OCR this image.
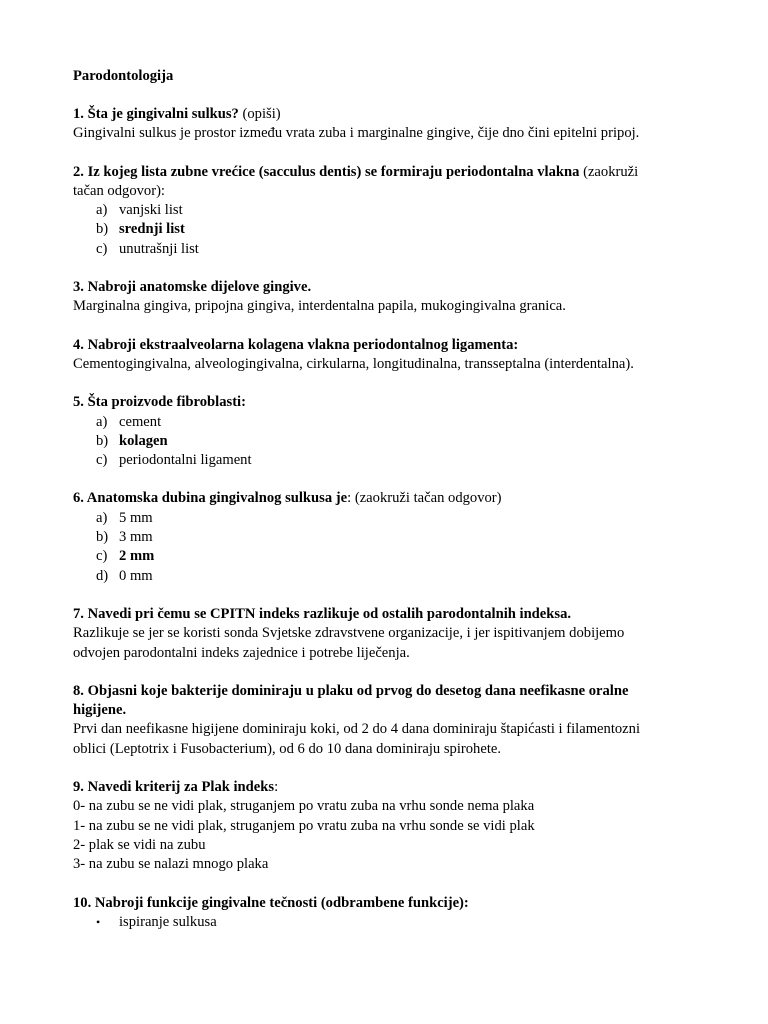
Parodontologija
1. Šta je gingivalni sulkus? (opiši)
Gingivalni sulkus je prostor između vrata zuba i marginalne gingive, čije dno čini epitelni pripoj.
2. Iz kojeg lista zubne vrećice (sacculus dentis) se formiraju periodontalna vlakna (zaokruži
tačan odgovor):
a) vanjski list
b) srednji list
c) unutrašnji list
3. Nabroji anatomske dijelove gingive.
Marginalna gingiva, pripojna gingiva, interdentalna papila, mukogingivalna granica.
4. Nabroji ekstraalveolarna kolagena vlakna periodontalnog ligamenta:
Cementogingivalna, alveologingivalna, cirkularna, longitudinalna, transseptalna (interdentalna).
5. Šta proizvode fibroblasti:
a) cement
b) kolagen
c) periodontalni ligament
6. Anatomska dubina gingivalnog sulkusa je: (zaokruži tačan odgovor)
a) 5 mm
b) 3 mm
c) 2 mm
d) 0 mm
7. Navedi pri čemu se CPITN indeks razlikuje od ostalih parodontalnih indeksa.
Razlikuje se jer se koristi sonda Svjetske zdravstvene organizacije, i jer ispitivanjem dobijemo
odvojen parodontalni indeks zajednice i potrebe liječenja.
8. Objasni koje bakterije dominiraju u plaku od prvog do desetog dana neefikasne oralne
higijene.
Prvi dan neefikasne higijene dominiraju koki, od 2 do 4 dana dominiraju štapićasti i filamentozni
oblici (Leptotrix i Fusobacterium), od 6 do 10 dana dominiraju spirohete.
9. Navedi kriterij za Plak indeks:
0- na zubu se ne vidi plak, struganjem po vratu zuba na vrhu sonde nema plaka
1- na zubu se ne vidi plak, struganjem po vratu zuba na vrhu sonde se vidi plak
2- plak se vidi na zubu
3- na zubu se nalazi mnogo plaka
10. Nabroji funkcije gingivalne tečnosti (odbrambene funkcije):
•	ispiranje sulkusa
